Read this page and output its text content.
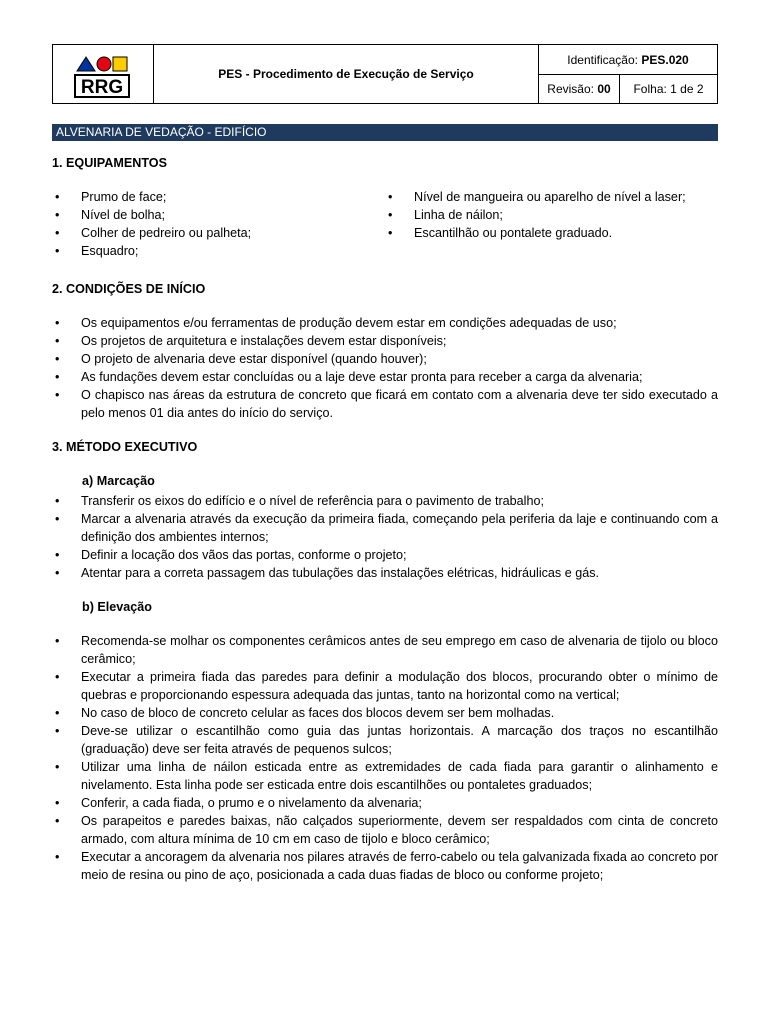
RRG
PES - Procedimento de Execução de Serviço
Identificação:
PES.020
Revisão:
00	Folha: 1 de 2
ALVENARIA DE VEDAÇÃO - EDIFÍCIO
1. EQUIPAMENTOS
• Prumo de face;
• Nível de bolha;
• Colher de pedreiro ou palheta;
• Esquadro;
• Nível de mangueira ou aparelho de nível a laser;
• Linha de náilon;
• Escantilhão ou pontalete graduado.
2. CONDIÇÕES DE INÍCIO
• Os equipamentos e/ou ferramentas de produção devem estar em condições adequadas de uso;
• Os projetos de arquitetura e instalações devem estar disponíveis;
• O projeto de alvenaria deve estar disponível (quando houver);
• As fundações devem estar concluídas ou a laje deve estar pronta para receber a carga da alvenaria;
• O chapisco nas áreas da estrutura de concreto que ficará em contato com a alvenaria deve ter sido executado a pelo menos 01 dia antes do início do serviço.
3. MÉTODO EXECUTIVO
a) Marcação
• Transferir os eixos do edifício e o nível de referência para o pavimento de trabalho;
• Marcar a alvenaria através da execução da primeira fiada, começando pela periferia da laje e continuando com a definição dos ambientes internos;
• Definir a locação dos vãos das portas, conforme o projeto;
• Atentar para a correta passagem das tubulações das instalações elétricas, hidráulicas e gás.
b) Elevação
• Recomenda-se molhar os componentes cerâmicos antes de seu emprego em caso de alvenaria de tijolo ou bloco cerâmico;
• Executar a primeira fiada das paredes para definir a modulação dos blocos, procurando obter o mínimo de quebras e proporcionando espessura adequada das juntas, tanto na horizontal como na vertical;
• No caso de bloco de concreto celular as faces dos blocos devem ser bem molhadas.
• Deve-se utilizar o escantilhão como guia das juntas horizontais. A marcação dos traços no escantilhão (graduação) deve ser feita através de pequenos sulcos;
• Utilizar uma linha de náilon esticada entre as extremidades de cada fiada para garantir o alinhamento e nivelamento. Esta linha pode ser esticada entre dois escantilhões ou pontaletes graduados;
• Conferir, a cada fiada, o prumo e o nivelamento da alvenaria;
• Os parapeitos e paredes baixas, não calçados superiormente, devem ser respaldados com cinta de concreto armado, com altura mínima de 10 cm em caso de tijolo e bloco cerâmico;
• Executar a ancoragem da alvenaria nos pilares através de ferro-cabelo ou tela galvanizada fixada ao concreto por meio de resina ou pino de aço, posicionada a cada duas fiadas de bloco ou conforme projeto;
